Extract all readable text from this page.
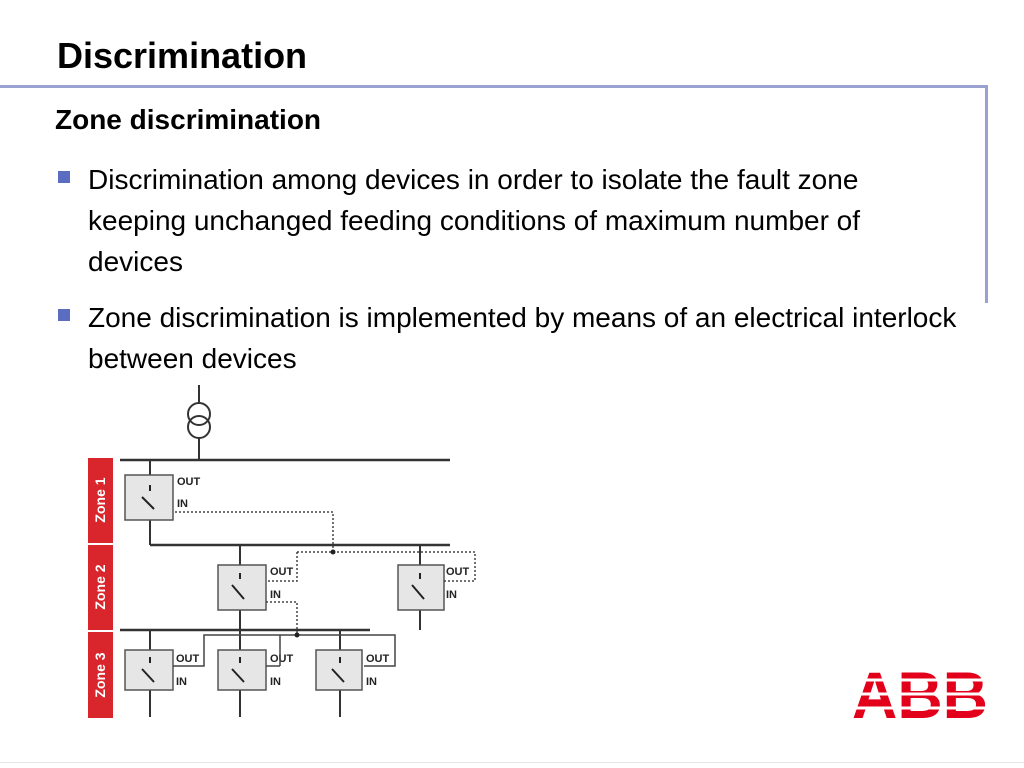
Discrimination
Zone discrimination
Discrimination among devices in order to isolate the fault zone keeping unchanged feeding conditions of maximum number of devices
Zone discrimination is implemented by means of an electrical interlock between devices
Zone 1
Zone 2
Zone 3
OUT
IN
OUT
IN
OUT
IN
OUT
IN
OUT
IN
OUT
IN	ABB
